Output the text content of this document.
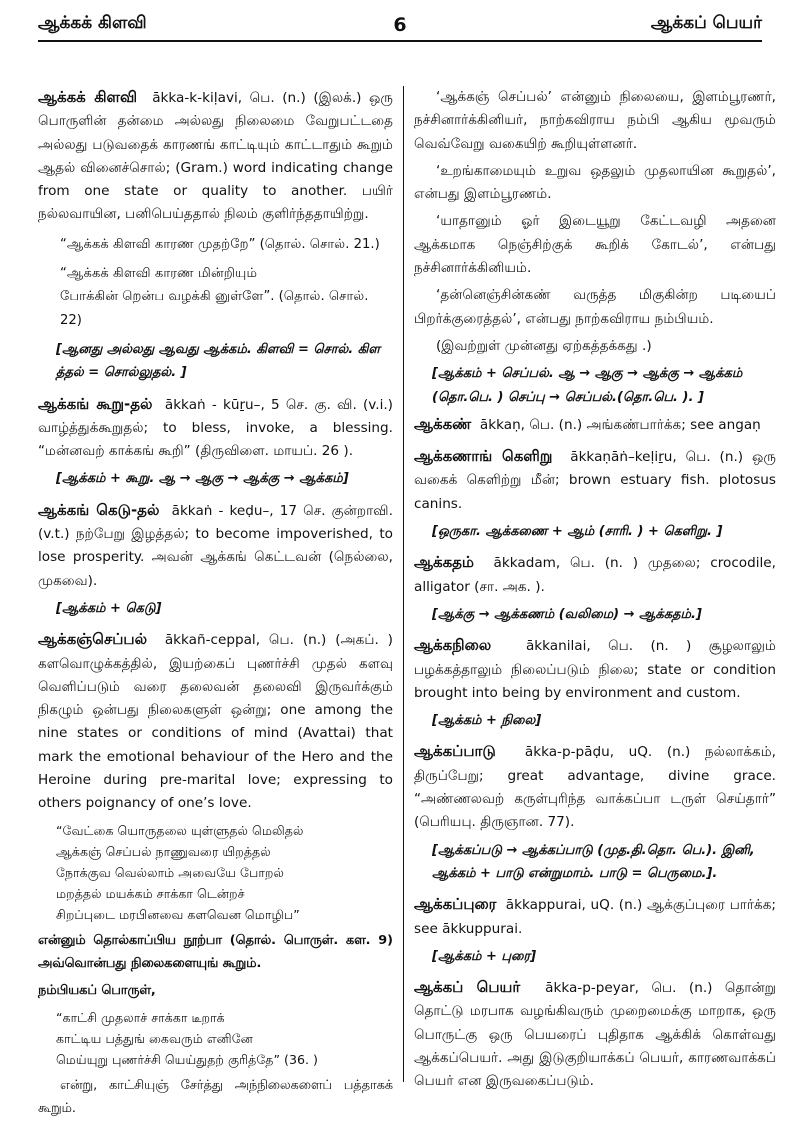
ஆக்கக் கிளவி	6	ஆக்கப் பெயர்

ஆக்கக் கிளவி ākka-k-kiḷavi, பெ. (n.) (இலக்.) ஒரு பொருளின் தன்மை அல்லது நிலைமை வேறுபட்டதை அல்லது படுவதைக் காரணங் காட்டியும் காட்டாதும் கூறும் ஆதல் வினைச்சொல்; (Gram.) word indicating change from one state or quality to another. பயிர் நல்லவாயின, பனிபெய்ததால் நிலம் குளிர்ந்ததாயிற்று.

“ஆக்கக் கிளவி காரண முதற்றே” (தொல். சொல். 21.)
“ஆக்கக் கிளவி காரண மின்றியும்
போக்கின் றென்ப வழக்கி னுள்ளே”. (தொல். சொல். 22)
[ஆனது அல்லது ஆவது ஆக்கம். கிளவி = சொல். கிள த்தல் = சொல்லுதல். ]

ஆக்கங் கூறு-தல் ākkaṅ - kūṟu–, 5 செ. கு. வி. (v.i.) வாழ்த்துக்கூறுதல்; to bless, invoke, a blessing. “மன்னவற் காக்கங் கூறி” (திருவிளை. மாயப். 26 ).

[ஆக்கம் + கூறு. ஆ → ஆகு → ஆக்கு → ஆக்கம்]

ஆக்கங் கெடு-தல் ākkaṅ - keḍu–, 17 செ. குன்றாவி. (v.t.) நற்பேறு இழத்தல்; to become impoverished, to lose prosperity. அவன் ஆக்கங் கெட்டவன் (நெல்லை, முகவை).

[ஆக்கம் + கெடு]

ஆக்கஞ்செப்பல் ākkañ-ceppal, பெ. (n.) (அகப். ) களவொழுக்கத்தில், இயற்கைப் புணர்ச்சி முதல் களவு வெளிப்படும் வரை தலைவன் தலைவி இருவர்க்கும் நிகழும் ஒன்பது நிலைகளுள் ஒன்று; one among the nine states or conditions of mind (Avattai) that mark the emotional behaviour of the Hero and the Heroine during pre-marital love; expressing to others poignancy of one’s love.

“வேட்கை யொருதலை யுள்ளுதல் மெலிதல்
ஆக்கஞ் செப்பல் நாணுவரை யிறத்தல்
நோக்குவ வெல்லாம் அவையே போறல்
மறத்தல் மயக்கம் சாக்கா டென்றச்
சிறப்புடை மரபினவை களவென மொழிப”

என்னும் தொல்காப்பிய நூற்பா (தொல். பொருள். கள. 9) அவ்வொன்பது நிலைகளையுங் கூறும்.

நம்பியகப் பொருள்,

“காட்சி முதலாச் சாக்கா டீறாக்
காட்டிய பத்துங் கைவரும் எனினே
மெய்யுறு புணர்ச்சி யெய்துதற் குரித்தே” (36. )

என்று, காட்சியுஞ் சேர்த்து அந்நிலைகளைப் பத்தாகக் கூறும்.

‘ஆக்கஞ் செப்பல்’ என்னும் நிலையை, இளம்பூரணர், நச்சினார்க்கினியர், நாற்கவிராய நம்பி ஆகிய மூவரும் வெவ்வேறு வகையிற் கூறியுள்ளனர்.

‘உறங்காமையும் உறுவ ஒதலும் முதலாயின கூறுதல்’, என்பது இளம்பூரணம்.

‘யாதானும் ஓர் இடையூறு கேட்டவழி அதனை ஆக்கமாக நெஞ்சிற்குக் கூறிக் கோடல்’, என்பது நச்சினார்க்கினியம்.

‘தன்னெஞ்சின்கண் வருத்த மிகுகின்ற படியைப் பிறர்க்குரைத்தல்’, என்பது நாற்கவிராய நம்பியம்.

(இவற்றுள் முன்னது ஏற்கத்தக்கது .)

[ஆக்கம் + செப்பல். ஆ → ஆகு → ஆக்கு → ஆக்கம் (தொ.பெ. ) செப்பு → செப்பல்.(தொ.பெ. ). ]

ஆக்கண் ākkaṇ, பெ. (n.) அங்கண்பார்க்க; see angaṇ

ஆக்கணாங் கெளிறு ākkaṇāṅ–keḷiṟu, பெ. (n.) ஒரு வகைக் கெளிற்று மீன்; brown estuary fish. plotosus canins.

[ஒருகா. ஆக்கணை + ஆம் (சாரி. ) + கெளிறு. ]

ஆக்கதம் ākkadam, பெ. (n. ) முதலை; crocodile, alligator (சா. அக. ).

[ஆக்கு → ஆக்கணம் (வலிமை) → ஆக்கதம்.]

ஆக்கநிலை	ākkanilai, பெ. (n. ) சூழலாலும் பழக்கத்தாலும் நிலைப்படும் நிலை; state or condition brought into being by environment and custom.

[ஆக்கம் + நிலை]

ஆக்கப்பாடு ākka-p-pāḍu, uQ. (n.) நல்லாக்கம், திருப்பேறு; great advantage, divine grace. “அண்ணலவற் கருள்புரிந்த வாக்கப்பா டருள் செய்தார்” (பெரியபு. திருஞான. 77).

[ஆக்கப்படு → ஆக்கப்பாடு (முத.தி.தொ. பெ.). இனி, ஆக்கம் + பாடு என்றுமாம். பாடு = பெருமை.].

ஆக்கப்புரை ākkappurai, uQ. (n.) ஆக்குப்புரை பார்க்க; see ākkuppurai.

[ஆக்கம் + புரை]

ஆக்கப் பெயர் ākka-p-peyar, பெ. (n.) தொன்று தொட்டு மரபாக வழங்கிவரும் முறைமைக்கு மாறாக, ஒரு பொருட்கு ஒரு பெயரைப் புதிதாக ஆக்கிக் கொள்வது ஆக்கப்பெயர். அது இடுகுறியாக்கப் பெயர், காரணவாக்கப் பெயர் என இருவகைப்படும்.
